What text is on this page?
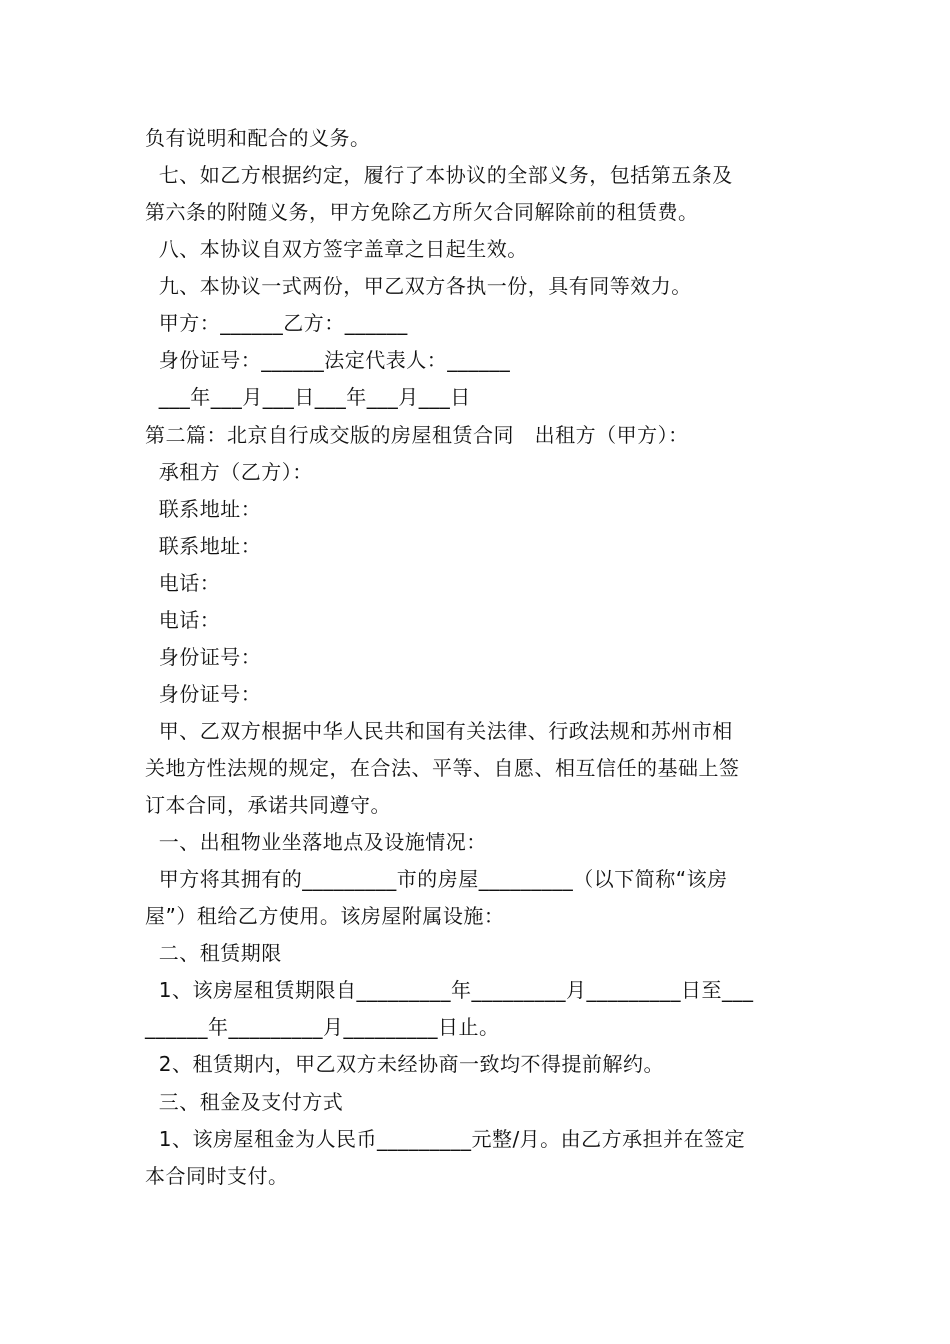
负有说明和配合的义务。
七、如乙方根据约定，履行了本协议的全部义务，包括第五条及
第六条的附随义务，甲方免除乙方所欠合同解除前的租赁费。
八、本协议自双方签字盖章之日起生效。
九、本协议一式两份，甲乙双方各执一份，具有同等效力。
甲方：______乙方：______
身份证号：______法定代表人：______
___年___月___日___年___月___日
第二篇：北京自行成交版的房屋租赁合同   出租方（甲方）：
承租方（乙方）：
联系地址：
联系地址：
电话：
电话：
身份证号：
身份证号：
甲、乙双方根据中华人民共和国有关法律、行政法规和苏州市相
关地方性法规的规定，在合法、平等、自愿、相互信任的基础上签
订本合同，承诺共同遵守。
一、出租物业坐落地点及设施情况：
甲方将其拥有的_________市的房屋_________（以下简称“该房
屋”）租给乙方使用。该房屋附属设施：
二、租赁期限
1、该房屋租赁期限自_________年_________月_________日至___
______年_________月_________日止。
2、租赁期内，甲乙双方未经协商一致均不得提前解约。
三、租金及支付方式
1、该房屋租金为人民币_________元整/月。由乙方承担并在签定
本合同时支付。
